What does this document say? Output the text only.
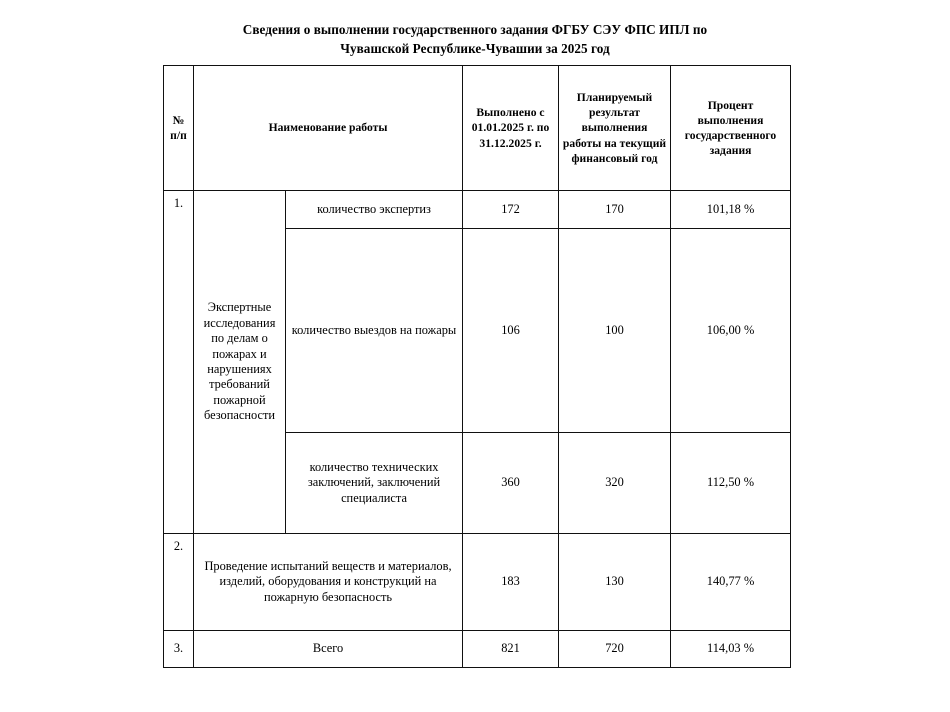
Сведения о выполнении государственного задания ФГБУ СЭУ ФПС ИПЛ по
Чувашской Республике-Чувашии за 2025 год
№
п/п	Наименование работы		Выполнено с 01.01.2025 г. по 31.12.2025 г.	Планируемый результат выполнения работы на текущий финансовый год	Процент выполнения государственного задания
1.	Экспертные исследования по делам о пожарах и нарушениях требований пожарной безопасности	количество экспертиз	172	170	101,18 %
		количество выездов на пожары	106	100	106,00 %
		количество технических заключений, заключений специалиста	360	320	112,50 %
2.	Проведение испытаний веществ и материалов, изделий, оборудования и конструкций на пожарную безопасность		183	130	140,77 %
3.	Всего		821	720	114,03 %
